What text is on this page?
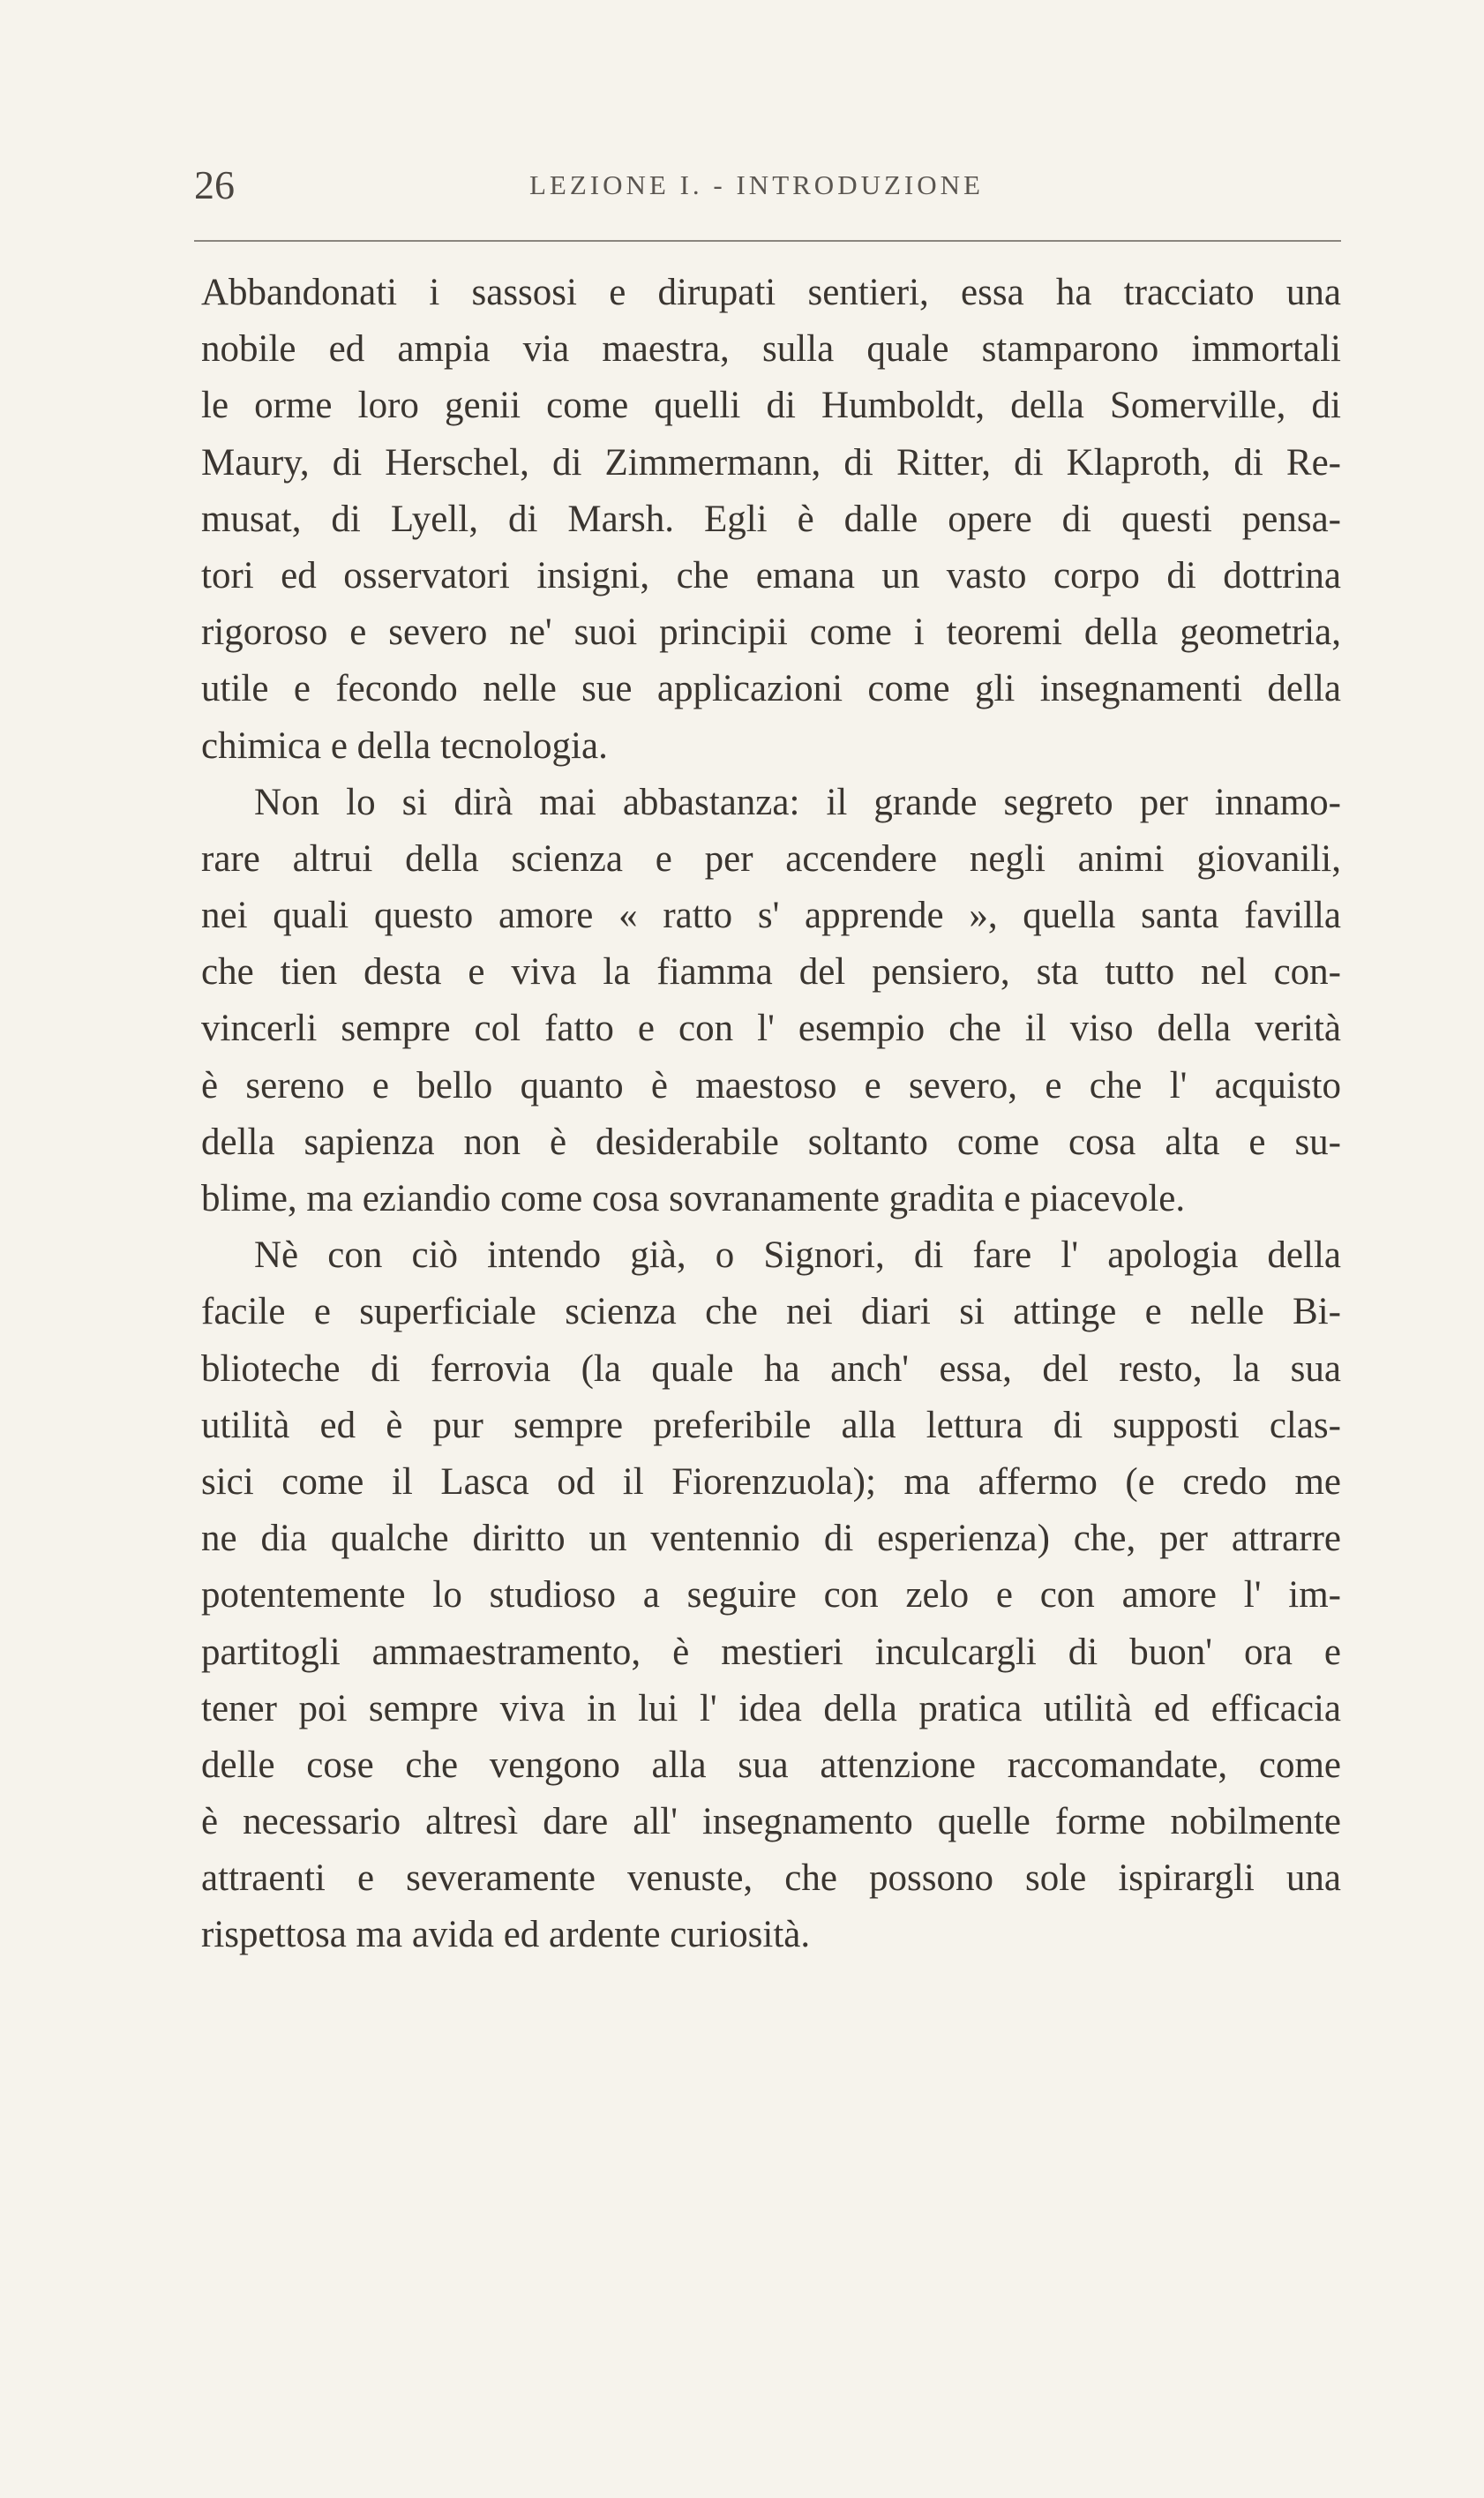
26	LEZIONE I. - INTRODUZIONE
Abbandonati i sassosi e dirupati sentieri, essa ha tracciato una
nobile ed ampia via maestra, sulla quale stamparono immortali
le orme loro genii come quelli di Humboldt, della Somerville, di
Maury, di Herschel, di Zimmermann, di Ritter, di Klaproth, di Re-
musat, di Lyell, di Marsh. Egli è dalle opere di questi pensa-
tori ed osservatori insigni, che emana un vasto corpo di dottrina
rigoroso e severo ne' suoi principii come i teoremi della geometria,
utile e fecondo nelle sue applicazioni come gli insegnamenti della
chimica e della tecnologia.
Non lo si dirà mai abbastanza: il grande segreto per innamo-
rare altrui della scienza e per accendere negli animi giovanili,
nei quali questo amore « ratto s' apprende », quella santa favilla
che tien desta e viva la fiamma del pensiero, sta tutto nel con-
vincerli sempre col fatto e con l' esempio che il viso della verità
è sereno e bello quanto è maestoso e severo, e che l' acquisto
della sapienza non è desiderabile soltanto come cosa alta e su-
blime, ma eziandio come cosa sovranamente gradita e piacevole.
Nè con ciò intendo già, o Signori, di fare l' apologia della
facile e superficiale scienza che nei diari si attinge e nelle Bi-
blioteche di ferrovia (la quale ha anch' essa, del resto, la sua
utilità ed è pur sempre preferibile alla lettura di supposti clas-
sici come il Lasca od il Fiorenzuola); ma affermo (e credo me
ne dia qualche diritto un ventennio di esperienza) che, per attrarre
potentemente lo studioso a seguire con zelo e con amore l' im-
partitogli ammaestramento, è mestieri inculcargli di buon' ora e
tener poi sempre viva in lui l' idea della pratica utilità ed efficacia
delle cose che vengono alla sua attenzione raccomandate, come
è necessario altresì dare all' insegnamento quelle forme nobilmente
attraenti e severamente venuste, che possono sole ispirargli una
rispettosa ma avida ed ardente curiosità.
